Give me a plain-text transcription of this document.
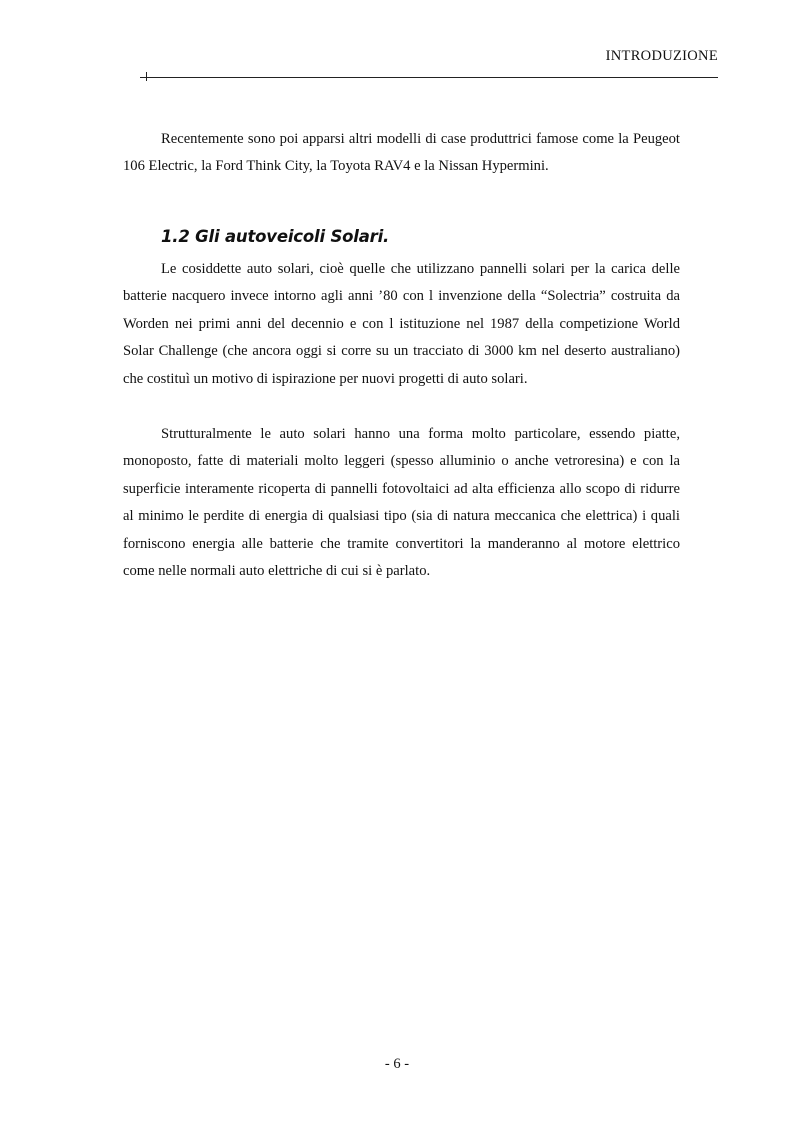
INTRODUZIONE

Recentemente sono poi apparsi altri modelli di case produttrici famose come la Peugeot 106 Electric, la Ford Think City, la Toyota RAV4 e la Nissan Hypermini.

1.2 Gli autoveicoli Solari.

Le cosiddette auto solari, cioè quelle che utilizzano pannelli solari per la carica delle batterie nacquero invece intorno agli anni ’80 con l invenzione della “Solectria” costruita da Worden nei primi anni del decennio e con l istituzione nel 1987 della competizione World Solar Challenge (che ancora oggi si corre su un tracciato di 3000 km nel deserto australiano) che costituì un motivo di ispirazione per nuovi progetti di auto solari.

Strutturalmente le auto solari hanno una forma molto particolare, essendo piatte, monoposto, fatte di materiali molto leggeri (spesso alluminio o anche vetroresina) e con la superficie interamente ricoperta di pannelli fotovoltaici ad alta efficienza allo scopo di ridurre al minimo le perdite di energia di qualsiasi tipo (sia di natura meccanica che elettrica) i quali forniscono energia alle batterie che tramite convertitori la manderanno al motore elettrico come nelle normali auto elettriche di cui si è parlato.

- 6 -
